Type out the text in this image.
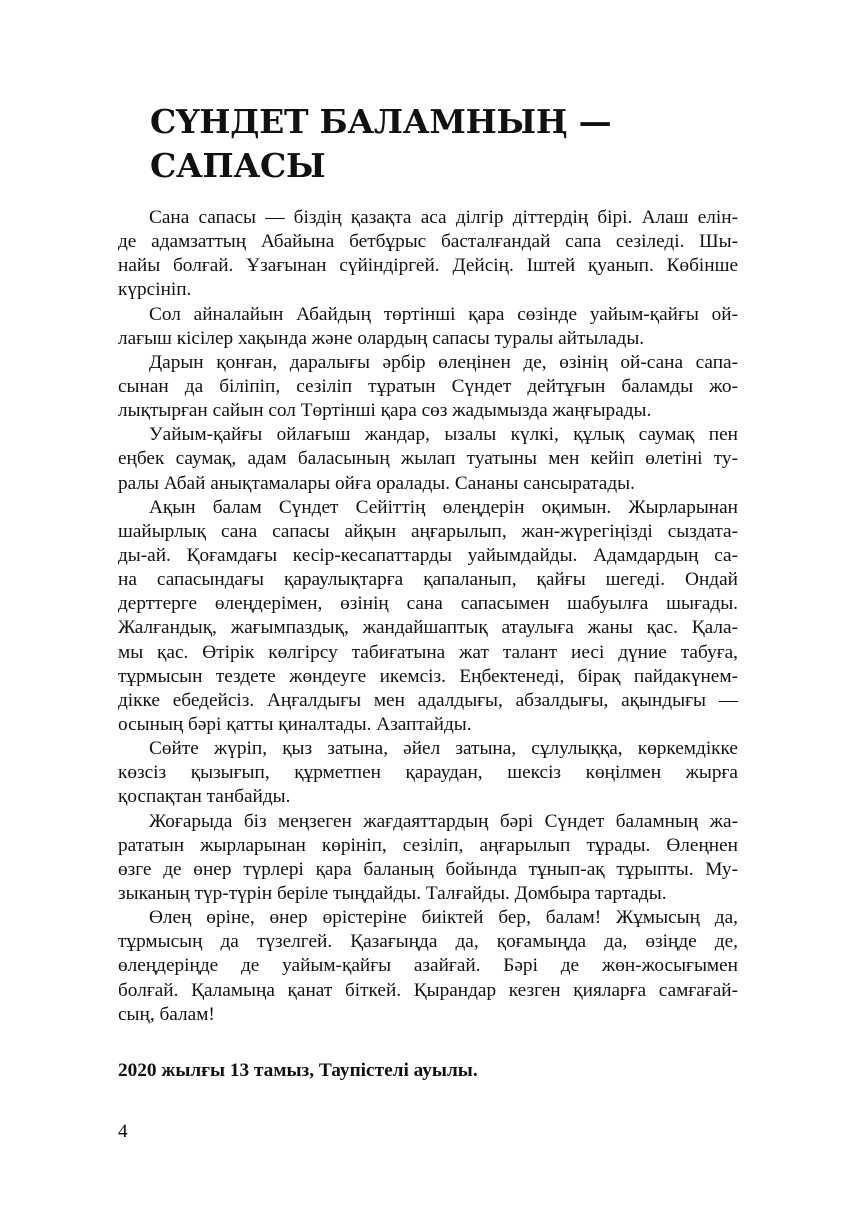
СҮНДЕТ БАЛАМНЫҢ —
САПАСЫ
Сана сапасы — біздің қазақта аса ділгір діттердің бірі. Алаш елін-
де адамзаттың Абайына бетбұрыс басталғандай сапа сезіледі. Шы-
найы болғай. Ұзағынан сүйіндіргей. Дейсің. Іштей қуанып. Көбінше
күрсініп.
Сол айналайын Абайдың төртінші қара сөзінде уайым-қайғы ой-
лағыш кісілер хақында және олардың сапасы туралы айтылады.
Дарын қонған, даралығы әрбір өлеңінен де, өзінің ой-сана сапа-
сынан да біліпіп, сезіліп тұратын Сүндет дейтұғын баламды жо-
лықтырған сайын сол Төртінші қара сөз жадымызда жаңғырады.
Уайым-қайғы ойлағыш жандар, ызалы күлкі, құлық саумақ пен
еңбек саумақ, адам баласының жылап туатыны мен кейіп өлетіні ту-
ралы Абай анықтамалары ойға оралады. Сананы сансыратады.
Ақын балам Сүндет Сейіттің өлеңдерін оқимын. Жырларынан
шайырлық сана сапасы айқын аңғарылып, жан-жүрегіңізді сыздата-
ды-ай. Қоғамдағы кесір-кесапаттарды уайымдайды. Адамдардың са-
на сапасындағы қараулықтарға қапаланып, қайғы шегеді. Ондай
дерттерге өлеңдерімен, өзінің сана сапасымен шабуылға шығады.
Жалғандық, жағымпаздық, жандайшаптық атаулыға жаны қас. Қала-
мы қас. Өтірік көлгірсу табиғатына жат талант иесі дүние табуға,
тұрмысын тездете жөндеуге икемсіз. Еңбектенеді, бірақ пайдакүнем-
дікке ебедейсіз. Аңғалдығы мен адалдығы, абзалдығы, ақындығы —
осының бәрі қатты қиналтады. Азаптайды.
Сөйте жүріп, қыз затына, әйел затына, сұлулыққа, көркемдікке
көзсіз қызығып, құрметпен қараудан, шексіз көңілмен жырға
қоспақтан танбайды.
Жоғарыда біз меңзеген жағдаяттардың бәрі Сүндет баламның жа-
рататын жырларынан көрініп, сезіліп, аңғарылып тұрады. Өлеңнен
өзге де өнер түрлері қара баланың бойында тұнып-ақ тұрыпты. Му-
зыканың түр-түрін беріле тыңдайды. Талғайды. Домбыра тартады.
Өлең өріне, өнер өрістеріне биіктей бер, балам! Жұмысың да,
тұрмысың да түзелгей. Қазағыңда да, қоғамыңда да, өзіңде де,
өлеңдеріңде де уайым-қайғы азайғай. Бәрі де жөн-жосығымен
болғай. Қаламыңа қанат біткей. Қырандар кезген қияларға самғағай-
сың, балам!

2020 жылғы 13 тамыз, Таупістелі ауылы.

4
